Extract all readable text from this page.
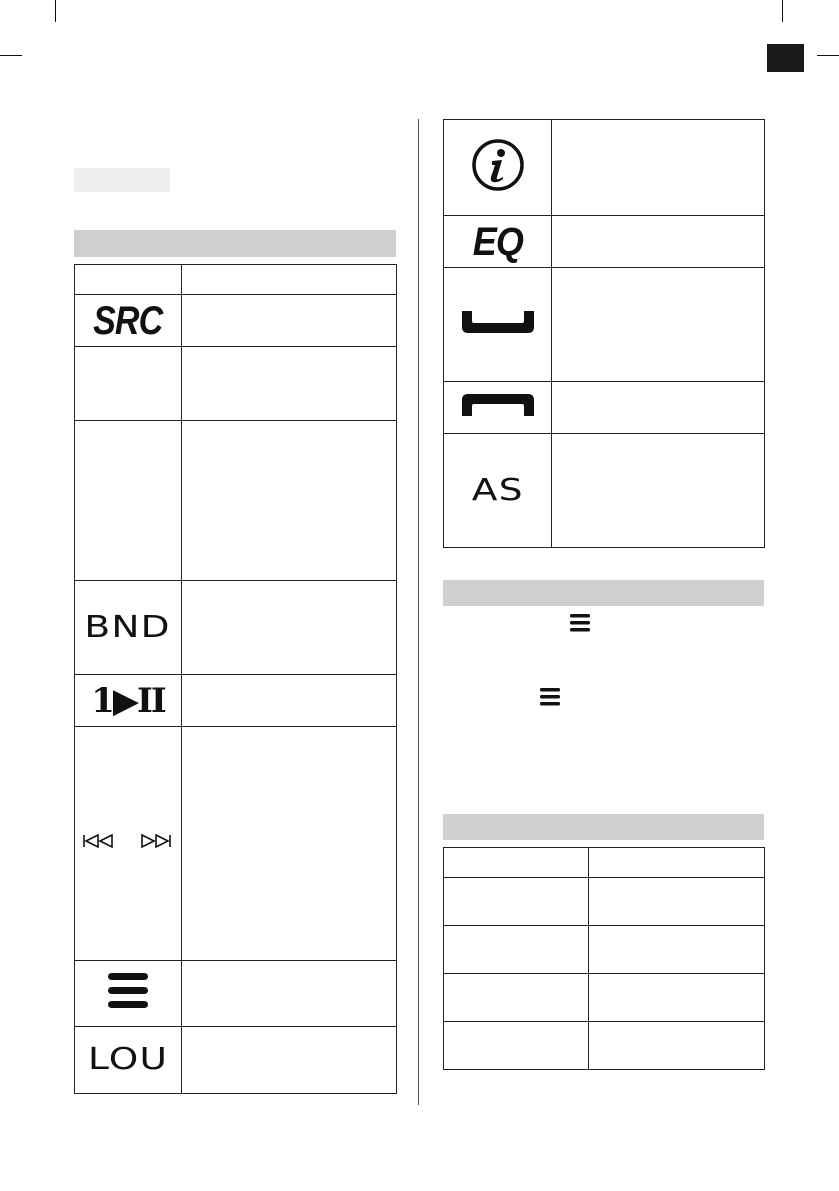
SRC	

BND	
1▶II	

LOU	

EQ	

AS	
